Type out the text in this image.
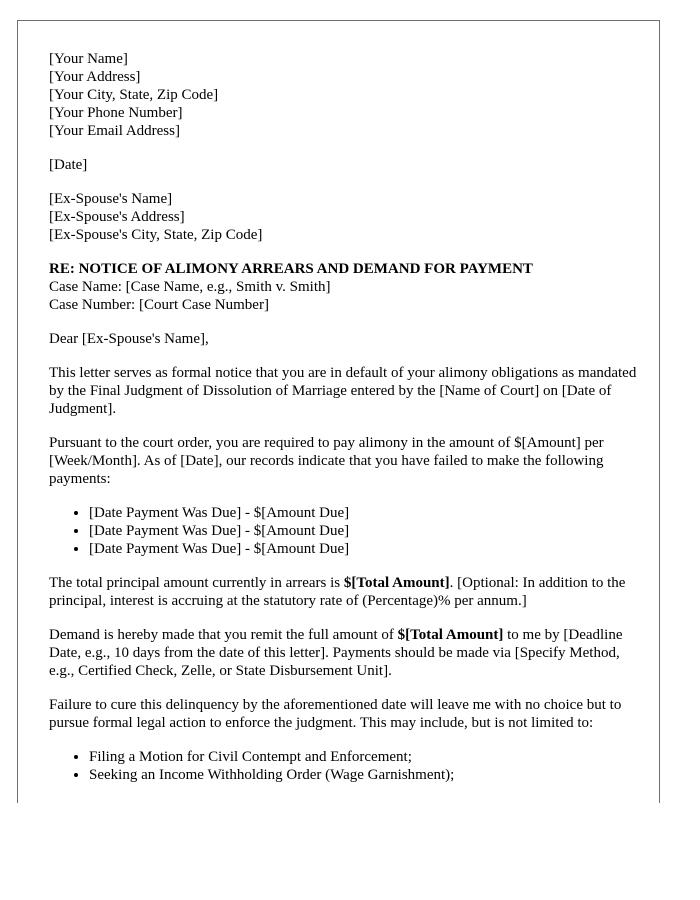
[Your Name]
[Your Address]
[Your City, State, Zip Code]
[Your Phone Number]
[Your Email Address]
[Date]
[Ex-Spouse's Name]
[Ex-Spouse's Address]
[Ex-Spouse's City, State, Zip Code]
RE: NOTICE OF ALIMONY ARREARS AND DEMAND FOR PAYMENT
Case Name: [Case Name, e.g., Smith v. Smith]
Case Number: [Court Case Number]
Dear [Ex-Spouse's Name],

This letter serves as formal notice that you are in default of your alimony obligations as mandated by the Final Judgment of Dissolution of Marriage entered by the [Name of Court] on [Date of Judgment].

Pursuant to the court order, you are required to pay alimony in the amount of $[Amount] per [Week/Month]. As of [Date], our records indicate that you have failed to make the following payments:

• [Date Payment Was Due] - $[Amount Due]
• [Date Payment Was Due] - $[Amount Due]
• [Date Payment Was Due] - $[Amount Due]

The total principal amount currently in arrears is $[Total Amount]. [Optional: In addition to the principal, interest is accruing at the statutory rate of (Percentage)% per annum.]

Demand is hereby made that you remit the full amount of $[Total Amount] to me by [Deadline Date, e.g., 10 days from the date of this letter]. Payments should be made via [Specify Method, e.g., Certified Check, Zelle, or State Disbursement Unit].

Failure to cure this delinquency by the aforementioned date will leave me with no choice but to pursue formal legal action to enforce the judgment. This may include, but is not limited to:

• Filing a Motion for Civil Contempt and Enforcement;
• Seeking an Income Withholding Order (Wage Garnishment);
